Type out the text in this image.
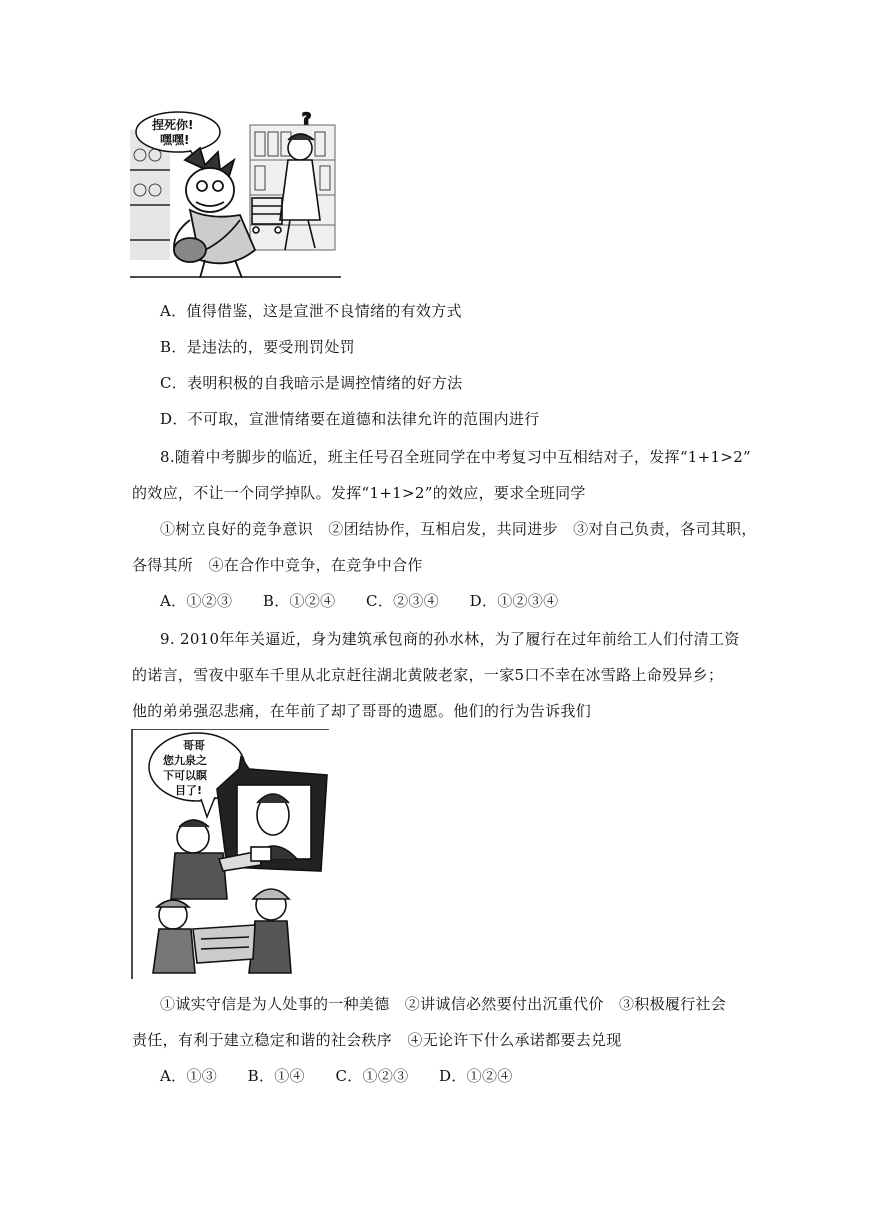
捏死你!
嘿嘿!
?
A．值得借鉴，这是宣泄不良情绪的有效方式
B．是违法的，要受刑罚处罚
C．表明积极的自我暗示是调控情绪的好方法
D．不可取，宣泄情绪要在道德和法律允许的范围内进行
8.随着中考脚步的临近，班主任号召全班同学在中考复习中互相结对子，发挥“1+1>2”
的效应，不让一个同学掉队。发挥“1+1>2”的效应，要求全班同学
①树立良好的竞争意识　②团结协作，互相启发，共同进步　③对自己负责，各司其职，
各得其所　④在合作中竞争，在竞争中合作
A．①②③　　B．①②④　　C．②③④　　D．①②③④
9. 2010年年关逼近，身为建筑承包商的孙水林，为了履行在过年前给工人们付清工资
的诺言，雪夜中驱车千里从北京赶往湖北黄陂老家，一家5口不幸在冰雪路上命殁异乡；
他的弟弟强忍悲痛，在年前了却了哥哥的遗愿。他们的行为告诉我们
哥哥
您九泉之
下可以瞑
目了!
①诚实守信是为人处事的一种美德　②讲诚信必然要付出沉重代价　③积极履行社会
责任，有利于建立稳定和谐的社会秩序　④无论许下什么承诺都要去兑现
A．①③　　B．①④　　C．①②③　　D．①②④
